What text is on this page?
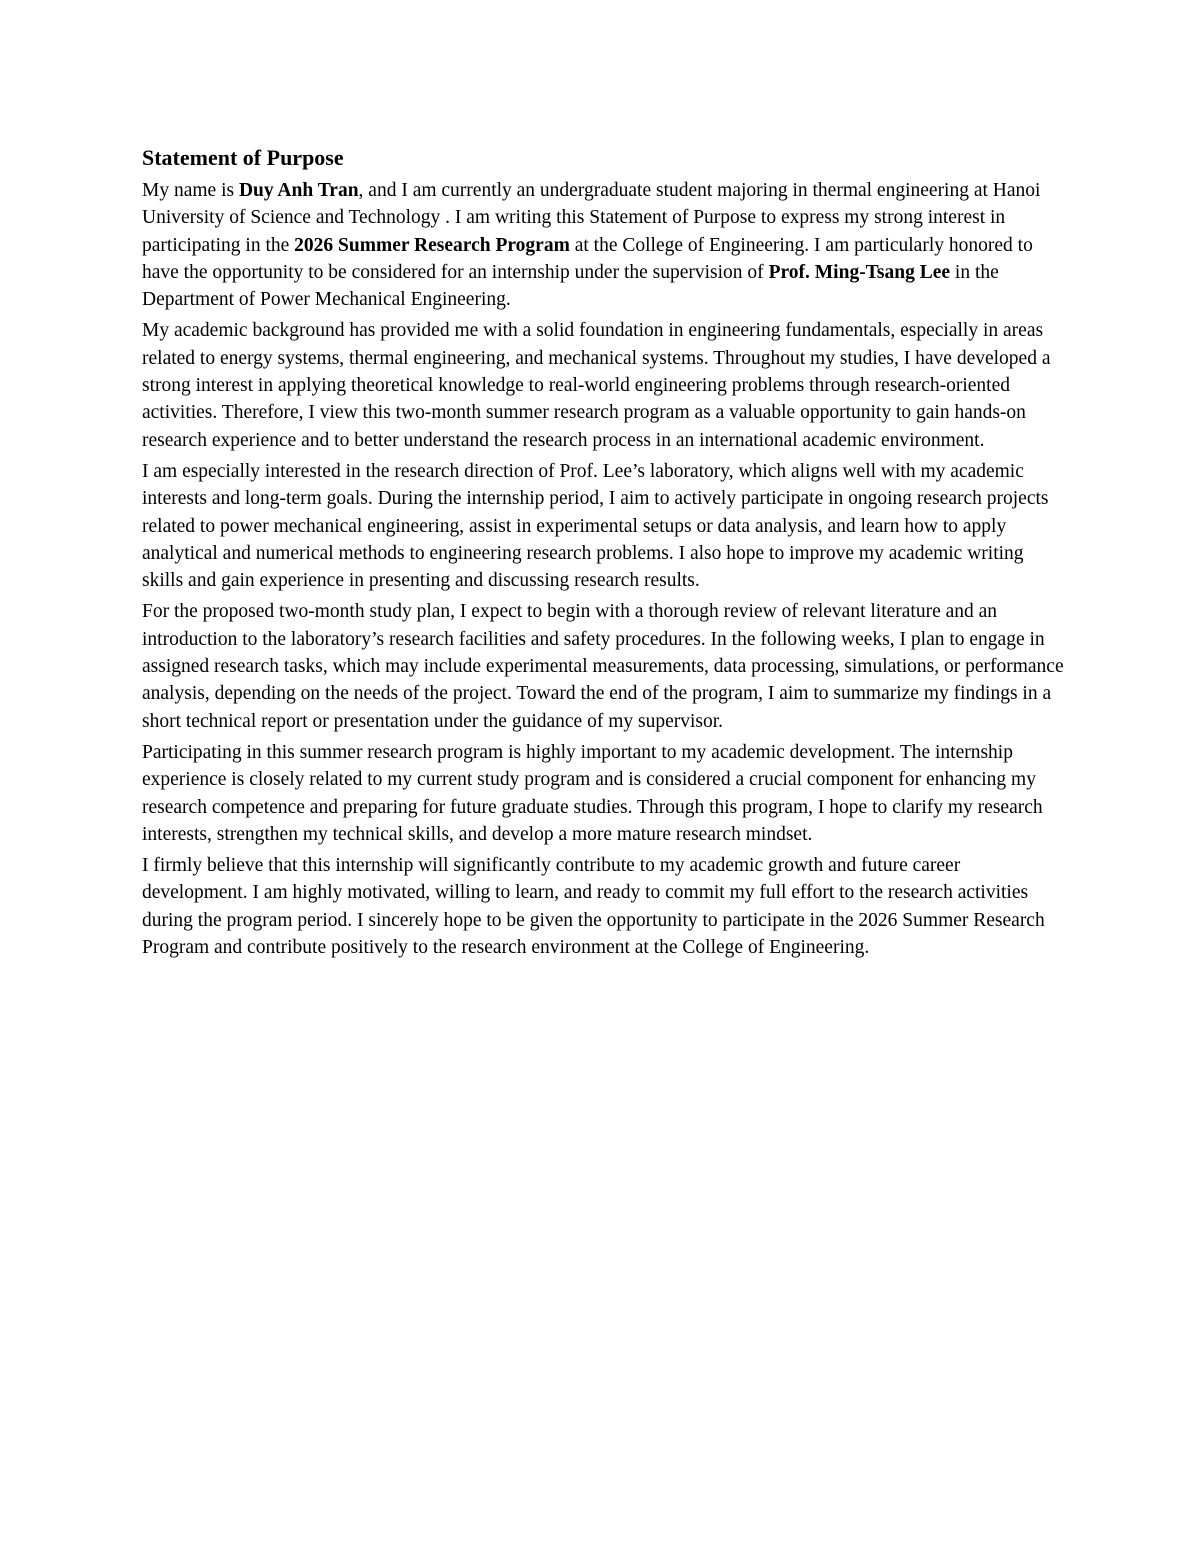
Statement of Purpose

My name is Duy Anh Tran, and I am currently an undergraduate student majoring in thermal engineering at Hanoi University of Science and Technology . I am writing this Statement of Purpose to express my strong interest in participating in the 2026 Summer Research Program at the College of Engineering. I am particularly honored to have the opportunity to be considered for an internship under the supervision of Prof. Ming-Tsang Lee in the Department of Power Mechanical Engineering.

My academic background has provided me with a solid foundation in engineering fundamentals, especially in areas related to energy systems, thermal engineering, and mechanical systems. Throughout my studies, I have developed a strong interest in applying theoretical knowledge to real-world engineering problems through research-oriented activities. Therefore, I view this two-month summer research program as a valuable opportunity to gain hands-on research experience and to better understand the research process in an international academic environment.

I am especially interested in the research direction of Prof. Lee’s laboratory, which aligns well with my academic interests and long-term goals. During the internship period, I aim to actively participate in ongoing research projects related to power mechanical engineering, assist in experimental setups or data analysis, and learn how to apply analytical and numerical methods to engineering research problems. I also hope to improve my academic writing skills and gain experience in presenting and discussing research results.

For the proposed two-month study plan, I expect to begin with a thorough review of relevant literature and an introduction to the laboratory’s research facilities and safety procedures. In the following weeks, I plan to engage in assigned research tasks, which may include experimental measurements, data processing, simulations, or performance analysis, depending on the needs of the project. Toward the end of the program, I aim to summarize my findings in a short technical report or presentation under the guidance of my supervisor.

Participating in this summer research program is highly important to my academic development. The internship experience is closely related to my current study program and is considered a crucial component for enhancing my research competence and preparing for future graduate studies. Through this program, I hope to clarify my research interests, strengthen my technical skills, and develop a more mature research mindset.

I firmly believe that this internship will significantly contribute to my academic growth and future career development. I am highly motivated, willing to learn, and ready to commit my full effort to the research activities during the program period. I sincerely hope to be given the opportunity to participate in the 2026 Summer Research Program and contribute positively to the research environment at the College of Engineering.
